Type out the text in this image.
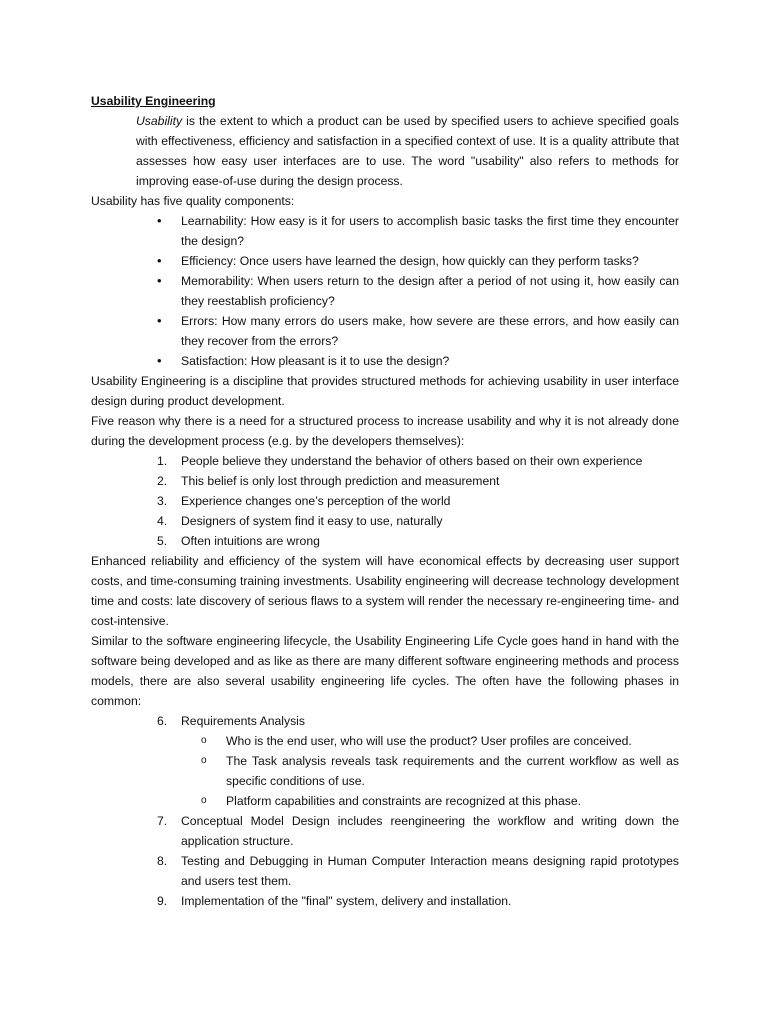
Usability Engineering
Usability is the extent to which a product can be used by specified users to achieve specified goals with effectiveness, efficiency and satisfaction in a specified context of use. It is a quality attribute that assesses how easy user interfaces are to use. The word "usability" also refers to methods for improving ease-of-use during the design process.
Usability has five quality components:
• Learnability: How easy is it for users to accomplish basic tasks the first time they encounter the design?
• Efficiency: Once users have learned the design, how quickly can they perform tasks?
• Memorability: When users return to the design after a period of not using it, how easily can they reestablish proficiency?
• Errors: How many errors do users make, how severe are these errors, and how easily can they recover from the errors?
• Satisfaction: How pleasant is it to use the design?
Usability Engineering is a discipline that provides structured methods for achieving usability in user interface design during product development.
Five reason why there is a need for a structured process to increase usability and why it is not already done during the development process (e.g. by the developers themselves):
1.	People believe they understand the behavior of others based on their own experience
2.	This belief is only lost through prediction and measurement
3.	Experience changes one’s perception of the world
4.	Designers of system find it easy to use, naturally
5.	Often intuitions are wrong
Enhanced reliability and efficiency of the system will have economical effects by decreasing user support costs, and time-consuming training investments. Usability engineering will decrease technology development time and costs: late discovery of serious flaws to a system will render the necessary re-engineering time- and cost-intensive.
Similar to the software engineering lifecycle, the Usability Engineering Life Cycle goes hand in hand with the software being developed and as like as there are many different software engineering methods and process models, there are also several usability engineering life cycles. The often have the following phases in common:
6.	Requirements Analysis
o Who is the end user, who will use the product? User profiles are conceived.
o The Task analysis reveals task requirements and the current workflow as well as specific conditions of use.
o Platform capabilities and constraints are recognized at this phase.
7.	Conceptual Model Design includes reengineering the workflow and writing down the application structure.
8.	Testing and Debugging in Human Computer Interaction means designing rapid prototypes and users test them.
9.	Implementation of the "final" system, delivery and installation.
